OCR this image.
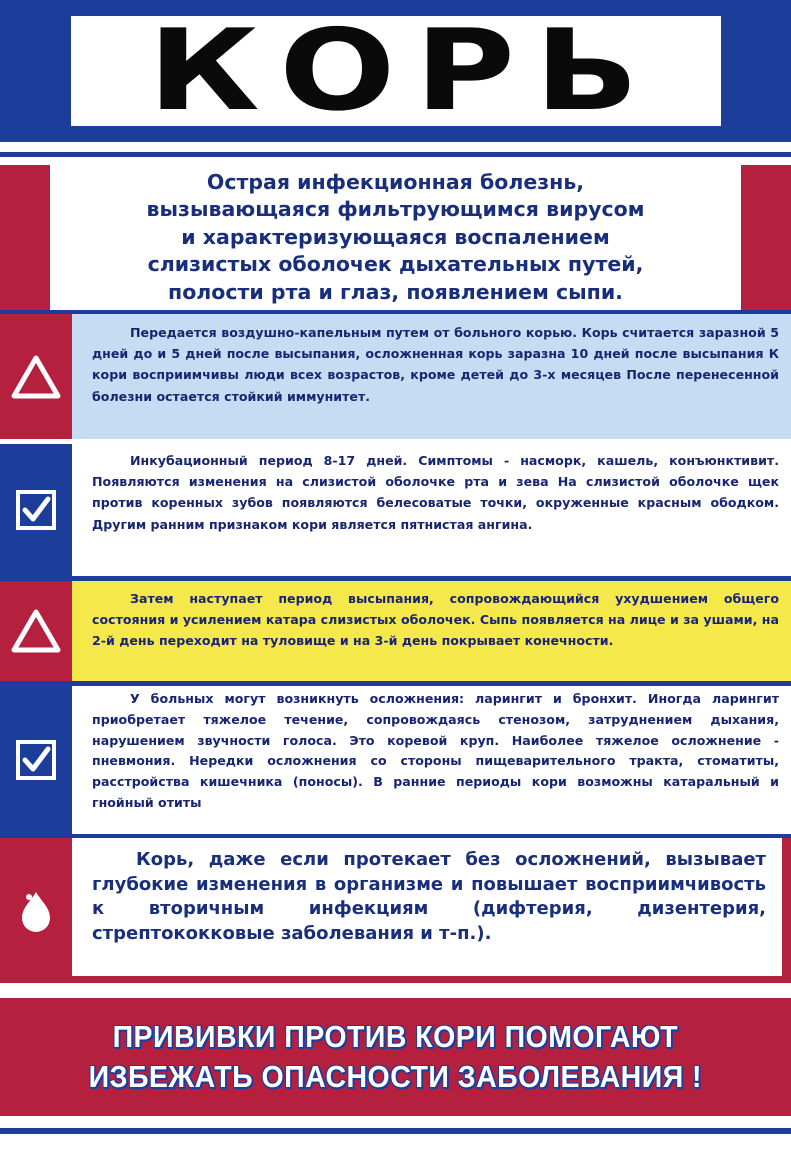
КОРЬ
Острая инфекционная болезнь,
вызывающаяся фильтрующимся вирусом
и характеризующаяся воспалением
слизистых оболочек дыхательных путей,
полости рта и глаз, появлением сыпи.
Передается воздушно-капельным путем от больного корью. Корь считается заразной 5 дней до и 5 дней после высыпания, осложненная корь заразна 10 дней после высыпания К кори восприимчивы люди всех возрастов, кроме детей до 3-х месяцев После перенесенной болезни остается стойкий иммунитет.
Инкубационный период 8-17 дней. Симптомы - насморк, кашель, конъюнктивит. Появляются изменения на слизистой оболочке рта и зева На слизистой оболочке щек против коренных зубов появляются белесоватые точки, окруженные красным ободком. Другим ранним признаком кори является пятнистая ангина.
Затем наступает период высыпания, сопровождающийся ухудшением общего состояния и усилением катара слизистых оболочек. Сыпь появляется на лице и за ушами, на 2-й день переходит на туловище и на 3-й день покрывает конечности.
У больных могут возникнуть осложнения: ларингит и бронхит. Иногда ларингит приобретает тяжелое течение, сопровождаясь стенозом, затруднением дыхания, нарушением звучности голоса. Это коревой круп. Наиболее тяжелое осложнение - пневмония. Нередки осложнения со стороны пищеварительного тракта, стоматиты, расстройства кишечника (поносы). В ранние периоды кори возможны катаральный и гнойный отиты
Корь, даже если протекает без осложнений, вызывает глубокие изменения в организме и повышает восприимчивость к вторичным инфекциям (дифтерия, дизентерия, стрептококковые заболевания и т-п.).
ПРИВИВКИ ПРОТИВ КОРИ ПОМОГАЮТ
ИЗБЕЖАТЬ ОПАСНОСТИ ЗАБОЛЕВАНИЯ !
